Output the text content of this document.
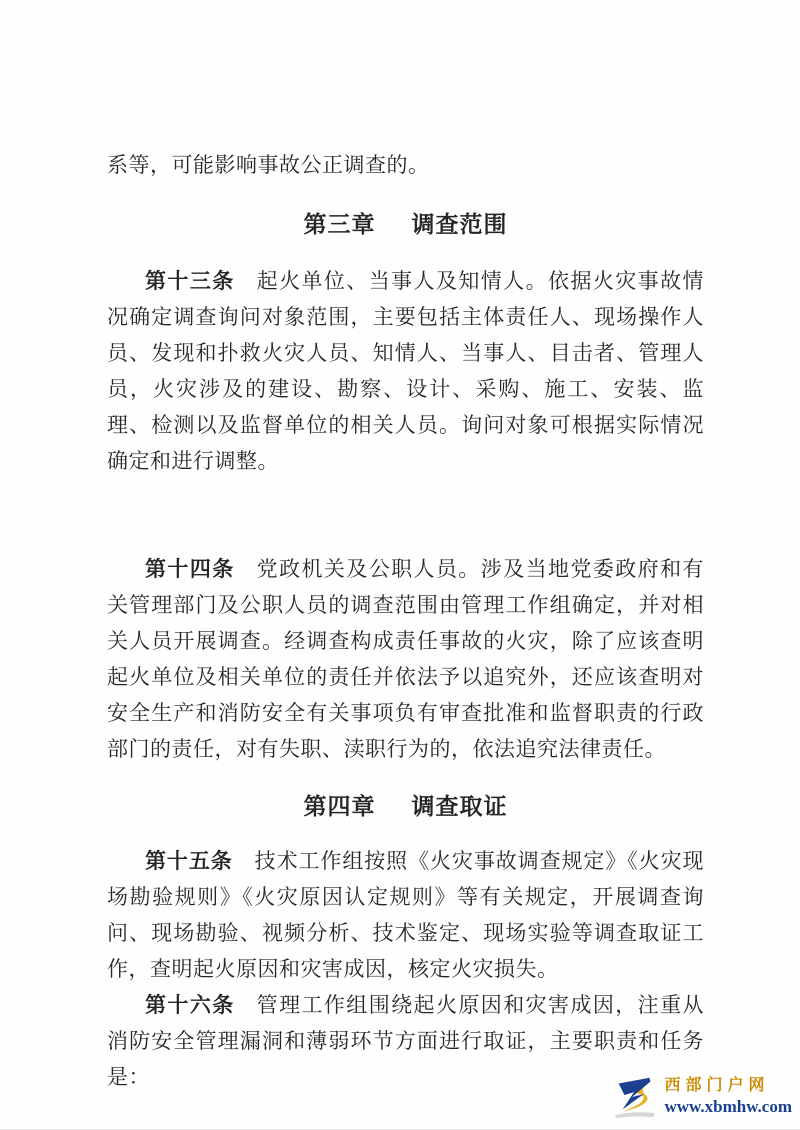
系等，可能影响事故公正调查的。

第三章 调查范围

第十三条 起火单位、当事人及知情人。依据火灾事故情况确定调查询问对象范围，主要包括主体责任人、现场操作人员、发现和扑救火灾人员、知情人、当事人、目击者、管理人员，火灾涉及的建设、勘察、设计、采购、施工、安装、监理、检测以及监督单位的相关人员。询问对象可根据实际情况确定和进行调整。

第十四条 党政机关及公职人员。涉及当地党委政府和有关管理部门及公职人员的调查范围由管理工作组确定，并对相关人员开展调查。经调查构成责任事故的火灾，除了应该查明起火单位及相关单位的责任并依法予以追究外，还应该查明对安全生产和消防安全有关事项负有审查批准和监督职责的行政部门的责任，对有失职、渎职行为的，依法追究法律责任。

第四章 调查取证

第十五条 技术工作组按照《火灾事故调查规定》《火灾现场勘验规则》《火灾原因认定规则》等有关规定，开展调查询问、现场勘验、视频分析、技术鉴定、现场实验等调查取证工作，查明起火原因和灾害成因，核定火灾损失。

第十六条 管理工作组围绕起火原因和灾害成因，注重从消防安全管理漏洞和薄弱环节方面进行取证，主要职责和任务是：	西部门户网
www.xbmhw.com
